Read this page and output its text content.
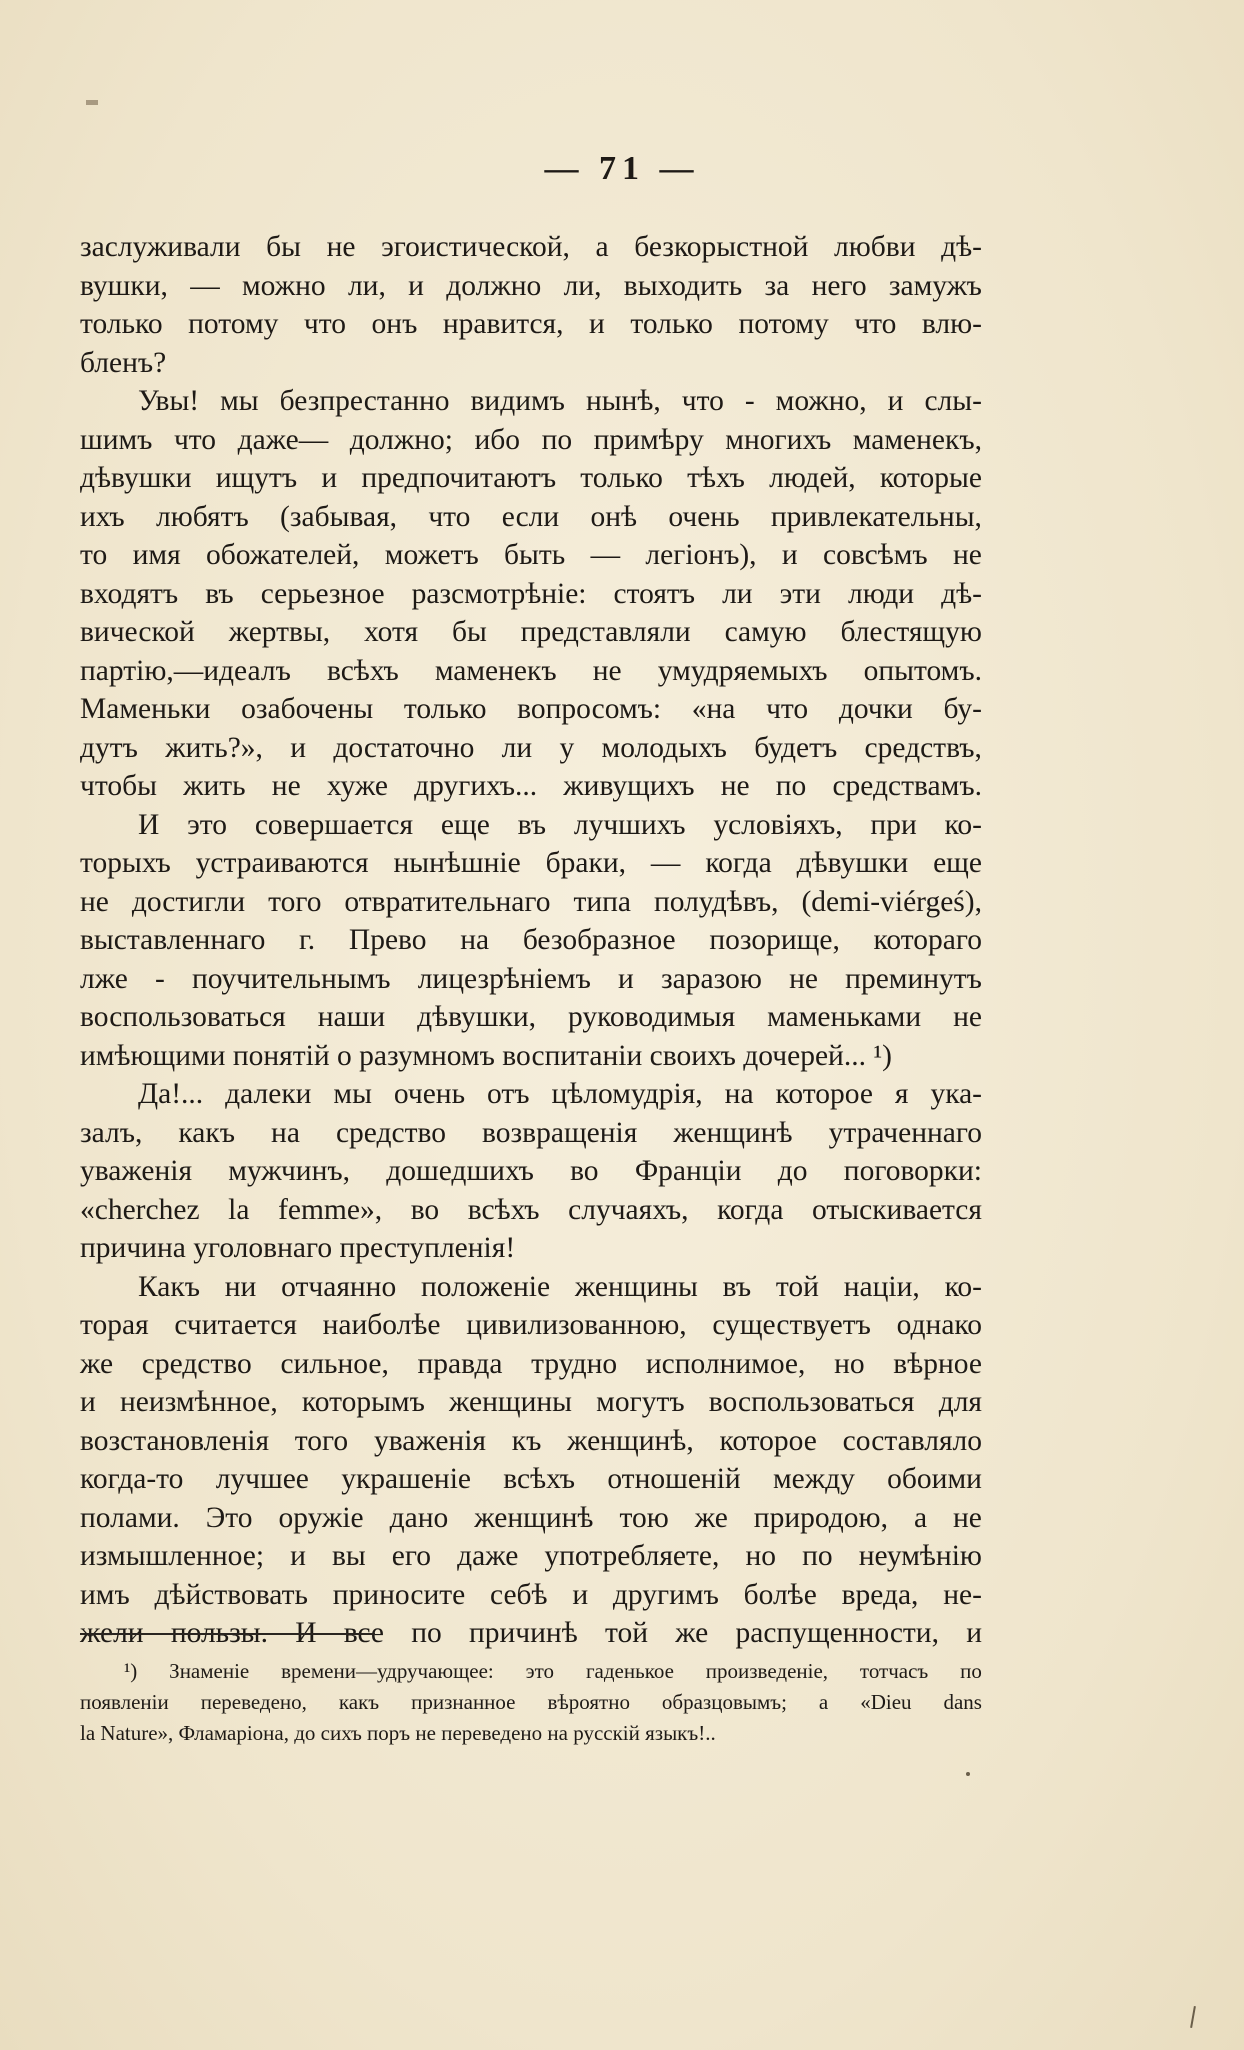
— 71 —
заслуживали бы не эгоистической, а безкорыстной любви дѣ-
вушки, — можно ли, и должно ли, выходить за него замужъ
только потому что онъ нравится, и только потому что влю-
бленъ?
Увы! мы безпрестанно видимъ нынѣ, что - можно, и слы-
шимъ что даже— должно; ибо по примѣру многихъ маменекъ,
дѣвушки ищутъ и предпочитаютъ только тѣхъ людей, которые
ихъ любятъ (забывая, что если онѣ очень привлекательны,
то имя обожателей, можетъ быть — легіонъ), и совсѣмъ не
входятъ въ серьезное разсмотрѣніе: стоятъ ли эти люди дѣ-
вической жертвы, хотя бы представляли самую блестящую
партію,—идеалъ всѣхъ маменекъ не умудряемыхъ опытомъ.
Маменьки озабочены только вопросомъ: «на что дочки бу-
дутъ жить?», и достаточно ли у молодыхъ будетъ средствъ,
чтобы жить не хуже другихъ... живущихъ не по средствамъ.
И это совершается еще въ лучшихъ условіяхъ, при ко-
торыхъ устраиваются нынѣшніе браки, — когда дѣвушки еще
не достигли того отвратительнаго типа полудѣвъ, (demi-viérgeś),
выставленнаго г. Прево на безобразное позорище, котораго
лже - поучительнымъ лицезрѣніемъ и заразою не преминутъ
воспользоваться наши дѣвушки, руководимыя маменьками не
имѣющими понятій о разумномъ воспитаніи своихъ дочерей... ¹)
Да!... далеки мы очень отъ цѣломудрія, на которое я ука-
залъ, какъ на средство возвращенія женщинѣ утраченнаго
уваженія мужчинъ, дошедшихъ во Франціи до поговорки:
«cherchez la femme», во всѣхъ случаяхъ, когда отыскивается
причина уголовнаго преступленія!
Какъ ни отчаянно положеніе женщины въ той націи, ко-
торая считается наиболѣе цивилизованною, существуетъ однако
же средство сильное, правда трудно исполнимое, но вѣрное
и неизмѣнное, которымъ женщины могутъ воспользоваться для
возстановленія того уваженія къ женщинѣ, которое составляло
когда-то лучшее украшеніе всѣхъ отношеній между обоими
полами. Это оружіе дано женщинѣ тою же природою, а не
измышленное; и вы его даже употребляете, но по неумѣнію
имъ дѣйствовать приносите себѣ и другимъ болѣе вреда, не-
жели пользы. И все по причинѣ той же распущенности, и
¹) Знаменіе времени—удручающее: это гаденькое произведеніе, тотчасъ по
появленіи переведено, какъ признанное вѣроятно образцовымъ; а «Dieu dans
la Nature», Фламаріона, до сихъ поръ не переведено на русскій языкъ!..
